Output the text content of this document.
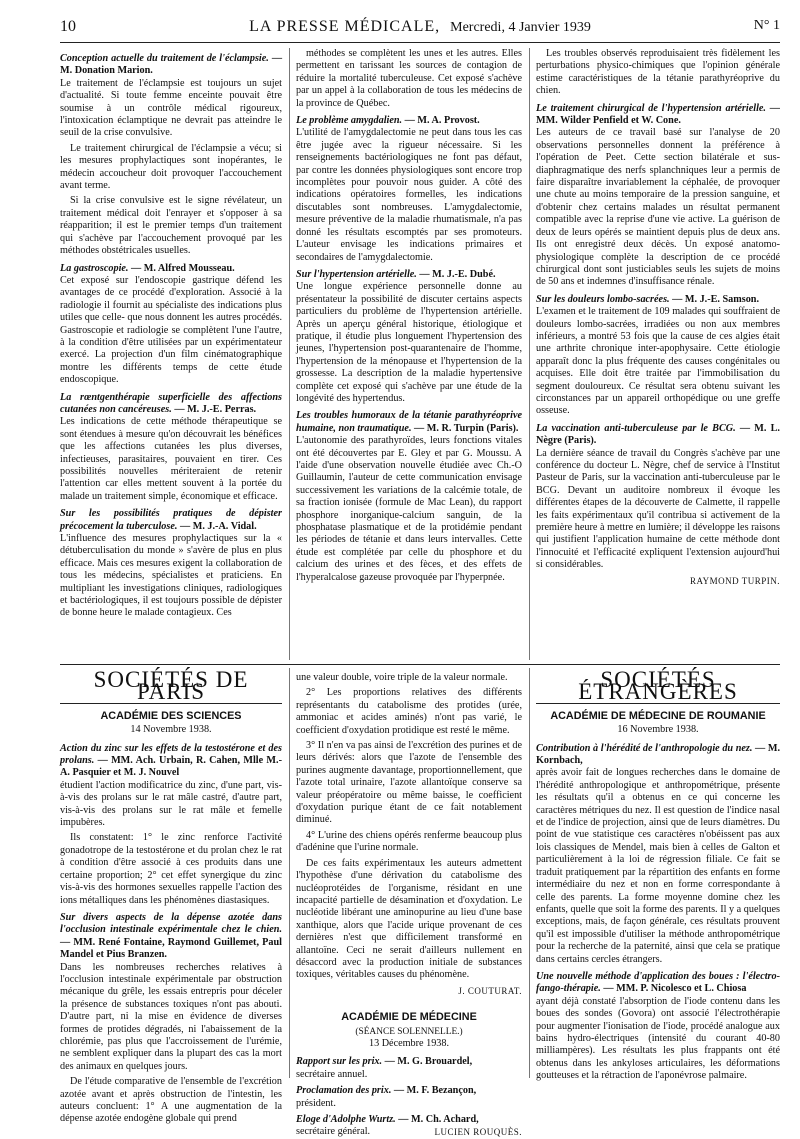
10	LA PRESSE MÉDICALE, Mercredi, 4 Janvier 1939	N° 1
Conception actuelle du traitement de l'éclampsie. — M. Donation Marion.

Le traitement de l'éclampsie est toujours un sujet d'actualité. Si toute femme enceinte pouvait être soumise à un contrôle médical rigoureux, l'intoxication éclamptique ne devrait pas atteindre le seuil de la crise convulsive.

Le traitement chirurgical de l'éclampsie a vécu; si les mesures prophylactiques sont inopérantes, le médecin accoucheur doit provoquer l'accouchement avant terme.

Si la crise convulsive est le signe révélateur, un traitement médical doit l'enrayer et s'opposer à sa réapparition; il est le premier temps d'un traitement qui s'achève par l'accouchement provoqué par les méthodes obstétricales usuelles.

La gastroscopie. — M. Alfred Mousseau.

Cet exposé sur l'endoscopie gastrique défend les avantages de ce procédé d'exploration. Associé à la radiologie il fournit au spécialiste des indications plus utiles que celle- que nous donnent les autres procédés. Gastroscopie et radiologie se complètent l'une l'autre, à la condition d'être utilisées par un expérimentateur exercé. La projection d'un film cinématographique montre les différents temps de cette étude endoscopique.

La rœntgenthérapie superficielle des affections cutanées non cancéreuses. — M. J.-E. Perras.

Les indications de cette méthode thérapeutique se sont étendues à mesure qu'on découvrait les bénéfices que les affections cutanées les plus diverses, infectieuses, parasitaires, pouvaient en tirer. Ces possibilités nouvelles mériteraient de retenir l'attention car elles mettent souvent à la portée du malade un traitement simple, économique et efficace.

Sur les possibilités pratiques de dépister précocement la tuberculose. — M. J.-A. Vidal.

L'influence des mesures prophylactiques sur la « détuberculisation du monde » s'avère de plus en plus efficace. Mais ces mesures exigent la collaboration de tous les médecins, spécialistes et praticiens. En multipliant les investigations cliniques, radiologiques et bactériologiques, il est toujours possible de dépister de bonne heure le malade contagieux. Ces

méthodes se complètent les unes et les autres. Elles permettent en tarissant les sources de contagion de réduire la mortalité tuberculeuse. Cet exposé s'achève par un appel à la collaboration de tous les médecins de la province de Québec.

Le problème amygdalien. — M. A. Provost.

L'utilité de l'amygdalectomie ne peut dans tous les cas être jugée avec la rigueur nécessaire. Si les renseignements bactériologiques ne font pas défaut, par contre les données physiologiques sont encore trop incomplètes pour pouvoir nous guider. A côté des indications opératoires formelles, les indications discutables sont nombreuses. L'amygdalectomie, mesure préventive de la maladie rhumatismale, n'a pas donné les résultats escomptés par ses promoteurs. L'auteur envisage les indications primaires et secondaires de l'amygdalectomie.

Sur l'hypertension artérielle. — M. J.-E. Dubé.

Une longue expérience personnelle donne au présentateur la possibilité de discuter certains aspects particuliers du problème de l'hypertension artérielle. Après un aperçu général historique, étiologique et pratique, il étudie plus longuement l'hypertension des jeunes, l'hypertension post-quarantenaire de l'homme, l'hypertension de la ménopause et l'hypertension de la grossesse. La description de la maladie hypertensive complète cet exposé qui s'achève par une étude de la longévité des hypertendus.

Les troubles humoraux de la tétanie parathyréoprive humaine, non traumatique. — M. R. Turpin (Paris).

L'autonomie des parathyroïdes, leurs fonctions vitales ont été découvertes par E. Gley et par G. Moussu. A l'aide d'une observation nouvelle étudiée avec Ch.-O Guillaumin, l'auteur de cette communication envisage successivement les variations de la calcémie totale, de sa fraction ionisée (formule de Mac Lean), du rapport phosphore inorganique-calcium sanguin, de la phosphatase plasmatique et de la protidémie pendant les périodes de tétanie et dans leurs intervalles. Cette étude est complétée par celle du phosphore et du calcium des urines et des fèces, et des effets de l'hyperalcalose gazeuse provoquée par l'hyperpnée.

Les troubles observés reproduisaient très fidèlement les perturbations physico-chimiques que l'opinion générale estime caractéristiques de la tétanie parathyréoprive du chien.

Le traitement chirurgical de l'hypertension artérielle. — MM. Wilder Penfield et W. Cone.

Les auteurs de ce travail basé sur l'analyse de 20 observations personnelles donnent la préférence à l'opération de Peet. Cette section bilatérale et sus-diaphragmatique des nerfs splanchniques leur a permis de faire disparaître invariablement la céphalée, de provoquer une chute au moins temporaire de la pression sanguine, et d'obtenir chez certains malades un résultat permanent compatible avec la reprise d'une vie active. La guérison de deux de leurs opérés se maintient depuis plus de deux ans. Ils ont enregistré deux décès. Un exposé anatomo-physiologique complète la description de ce procédé chirurgical dont sont justiciables seuls les sujets de moins de 50 ans et indemnes d'insuffisance rénale.

Sur les douleurs lombo-sacrées. — M. J.-E. Samson.

L'examen et le traitement de 109 malades qui souffraient de douleurs lombo-sacrées, irradiées ou non aux membres inférieurs, a montré 53 fois que la cause de ces algies était une arthrite chronique inter-apophysaire. Cette étiologie apparaît donc la plus fréquente des causes congénitales ou acquises. Elle doit être traitée par l'immobilisation du segment douloureux. Ce résultat sera obtenu suivant les circonstances par un appareil orthopédique ou une greffe osseuse.

La vaccination anti-tuberculeuse par le BCG. — M. L. Nègre (Paris).

La dernière séance de travail du Congrès s'achève par une conférence du docteur L. Nègre, chef de service à l'Institut Pasteur de Paris, sur la vaccination anti-tuberculeuse par le BCG. Devant un auditoire nombreux il évoque les différentes étapes de la découverte de Calmette, il rappelle les faits expérimentaux qu'il contribua si activement de la première heure à mettre en lumière; il développe les raisons qui justifient l'application humaine de cette méthode dont l'innocuité et l'efficacité expliquent l'extension aujourd'hui si considérables.

RAYMOND TURPIN.

SOCIÉTÉS DE PARIS
ACADÉMIE DES SCIENCES
14 Novembre 1938.
Action du zinc sur les effets de la testostérone et des prolans. — MM. Ach. Urbain, R. Cahen, Mlle M.-A. Pasquier et M. J. Nouvel

étudient l'action modificatrice du zinc, d'une part, vis-à-vis des prolans sur le rat mâle castré, d'autre part, vis-à-vis des prolans sur le rat mâle et femelle impubères.

Ils constatent: 1° le zinc renforce l'activité gonadotrope de la testostérone et du prolan chez le rat à condition d'être associé à ces produits dans une certaine proportion; 2° cet effet synergique du zinc vis-à-vis des hormones sexuelles rappelle l'action des ions métalliques dans les phénomènes diastasiques.

Sur divers aspects de la dépense azotée dans l'occlusion intestinale expérimentale chez le chien. — MM. René Fontaine, Raymond Guillemet, Paul Mandel et Pius Branzen.

Dans les nombreuses recherches relatives à l'occlusion intestinale expérimentale par obstruction mécanique du grêle, les essais entrepris pour déceler la présence de substances toxiques n'ont pas abouti. D'autre part, ni la mise en évidence de diverses formes de protides dégradés, ni l'abaissement de la chlorémie, pas plus que l'accroissement de l'urémie, ne semblent expliquer dans la plupart des cas la mort des animaux en quelques jours.

De l'étude comparative de l'ensemble de l'excrétion azotée avant et après obstruction de l'intestin, les auteurs concluent: 1° A une augmentation de la dépense azotée endogène globale qui prend

une valeur double, voire triple de la valeur normale.

2° Les proportions relatives des différents représentants du catabolisme des protides (urée, ammoniac et acides aminés) n'ont pas varié, le coefficient d'oxydation protidique est resté le même.

3° Il n'en va pas ainsi de l'excrétion des purines et de leurs dérivés: alors que l'azote de l'ensemble des purines augmente davantage, proportionnellement, que l'azote total urinaire, l'azote allantoïque conserve sa valeur préopératoire ou même baisse, le coefficient d'oxydation purique étant de ce fait notablement diminué.

4° L'urine des chiens opérés renferme beaucoup plus d'adénine que l'urine normale.

De ces faits expérimentaux les auteurs admettent l'hypothèse d'une dérivation du catabolisme des nucléoprotéides de l'organisme, résidant en une incapacité partielle de désamination et d'oxydation. Le nucléotide libérant une aminopurine au lieu d'une base xanthique, alors que l'acide urique provenant de ces dernières n'est que difficilement transformé en allantoïne. Ceci ne serait d'ailleurs nullement en désaccord avec la production initiale de substances toxiques, véritables causes du phénomène.

J. COUTURAT.

ACADÉMIE DE MÉDECINE
(SÉANCE SOLENNELLE.)
13 Décembre 1938.
Rapport sur les prix. — M. G. Brouardel,

secrétaire annuel.

Proclamation des prix. — M. F. Bezançon,

président.

Eloge d'Adolphe Wurtz. — M. Ch. Achard,

secrétaire général.	LUCIEN ROUQUÈS.

SOCIÉTÉS ÉTRANGÈRES
ACADÉMIE DE MÉDECINE DE ROUMANIE
16 Novembre 1938.
Contribution à l'hérédité de l'anthropologie du nez. — M. Kornbach,

après avoir fait de longues recherches dans le domaine de l'hérédité anthropologique et anthropométrique, présente les résultats qu'il a obtenus en ce qui concerne les caractères métriques du nez. Il est question de l'indice nasal et de l'indice de projection, ainsi que de leurs diamètres. Du point de vue statistique ces caractères n'obéissent pas aux lois classiques de Mendel, mais bien à celles de Galton et particulièrement à la loi de régression filiale. Ce fait se traduit pratiquement par la répartition des enfants en forme intermédiaire du nez et non en forme correspondante à celle des parents. La forme moyenne domine chez les enfants, quelle que soit la forme des parents. Il y a quelques exceptions, mais, de façon générale, ces résultats prouvent qu'il est impossible d'utiliser la méthode anthropométrique pour la recherche de la paternité, ainsi que cela se pratique dans certains cercles étrangers.

Une nouvelle méthode d'application des boues : l'électro-fango-thérapie. — MM. P. Nicolesco et L. Chiosa

ayant déjà constaté l'absorption de l'iode contenu dans les boues des sondes (Govora) ont associé l'électrothérapie pour augmenter l'ionisation de l'iode, procédé analogue aux bains hydro-électriques (intensité du courant 40-80 milliampères). Les résultats les plus frappants ont été obtenus dans les ankyloses articulaires, les déformations goutteuses et la rétraction de l'aponévrose palmaire.
